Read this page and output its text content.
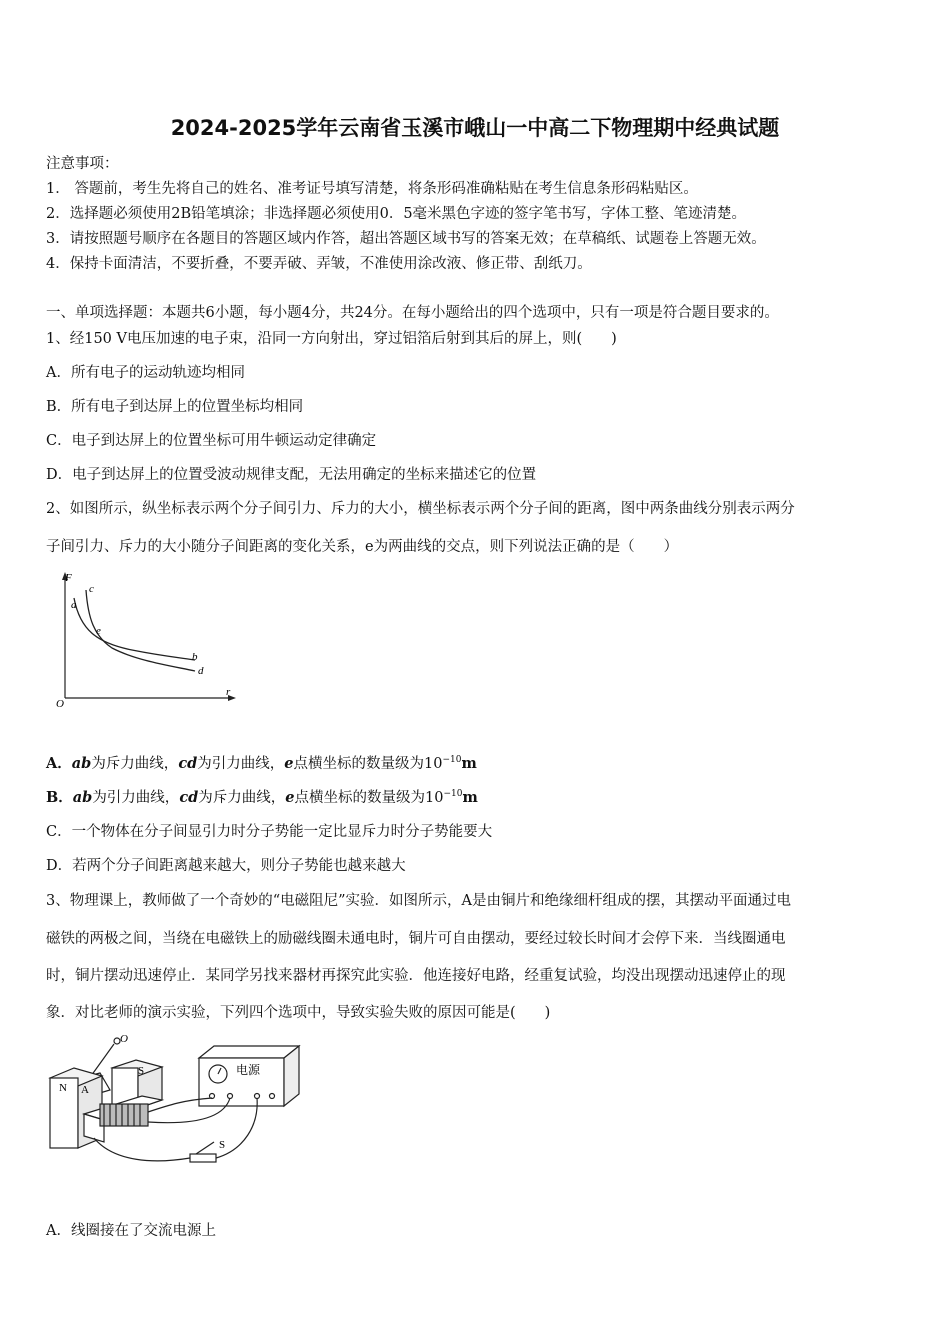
2024-2025学年云南省玉溪市峨山一中高二下物理期中经典试题
注意事项：
1． 答题前，考生先将自己的姓名、准考证号填写清楚，将条形码准确粘贴在考生信息条形码粘贴区。
2．选择题必须使用2B铅笔填涂；非选择题必须使用0．5毫米黑色字迹的签字笔书写，字体工整、笔迹清楚。
3．请按照题号顺序在各题目的答题区域内作答，超出答题区域书写的答案无效；在草稿纸、试题卷上答题无效。
4．保持卡面清洁，不要折叠，不要弄破、弄皱，不准使用涂改液、修正带、刮纸刀。
一、单项选择题：本题共6小题，每小题4分，共24分。在每小题给出的四个选项中，只有一项是符合题目要求的。
1、经150 V电压加速的电子束，沿同一方向射出，穿过铝箔后射到其后的屏上，则(　　)
A．所有电子的运动轨迹均相同
B．所有电子到达屏上的位置坐标均相同
C．电子到达屏上的位置坐标可用牛顿运动定律确定
D．电子到达屏上的位置受波动规律支配，无法用确定的坐标来描述它的位置
2、如图所示，纵坐标表示两个分子间引力、斥力的大小，横坐标表示两个分子间的距离，图中两条曲线分别表示两分
子间引力、斥力的大小随分子间距离的变化关系，e为两曲线的交点，则下列说法正确的是（　　）
F
r
O
a
c
e
b
d
A．ab为斥力曲线，cd为引力曲线，e点横坐标的数量级为$10^{-10}m$
B．ab为引力曲线，cd为斥力曲线，e点横坐标的数量级为$10^{-10}m$
C．一个物体在分子间显引力时分子势能一定比显斥力时分子势能要大
D．若两个分子间距离越来越大，则分子势能也越来越大
3、物理课上，教师做了一个奇妙的“电磁阻尼”实验．如图所示，A是由铜片和绝缘细杆组成的摆，其摆动平面通过电
磁铁的两极之间，当绕在电磁铁上的励磁线圈未通电时，铜片可自由摆动，要经过较长时间才会停下来．当线圈通电
时，铜片摆动迅速停止．某同学另找来器材再探究此实验．他连接好电路，经重复试验，均没出现摆动迅速停止的现
象．对比老师的演示实验，下列四个选项中，导致实验失败的原因可能是(　　)
O
A
N
S	电源
S
A．线圈接在了交流电源上
